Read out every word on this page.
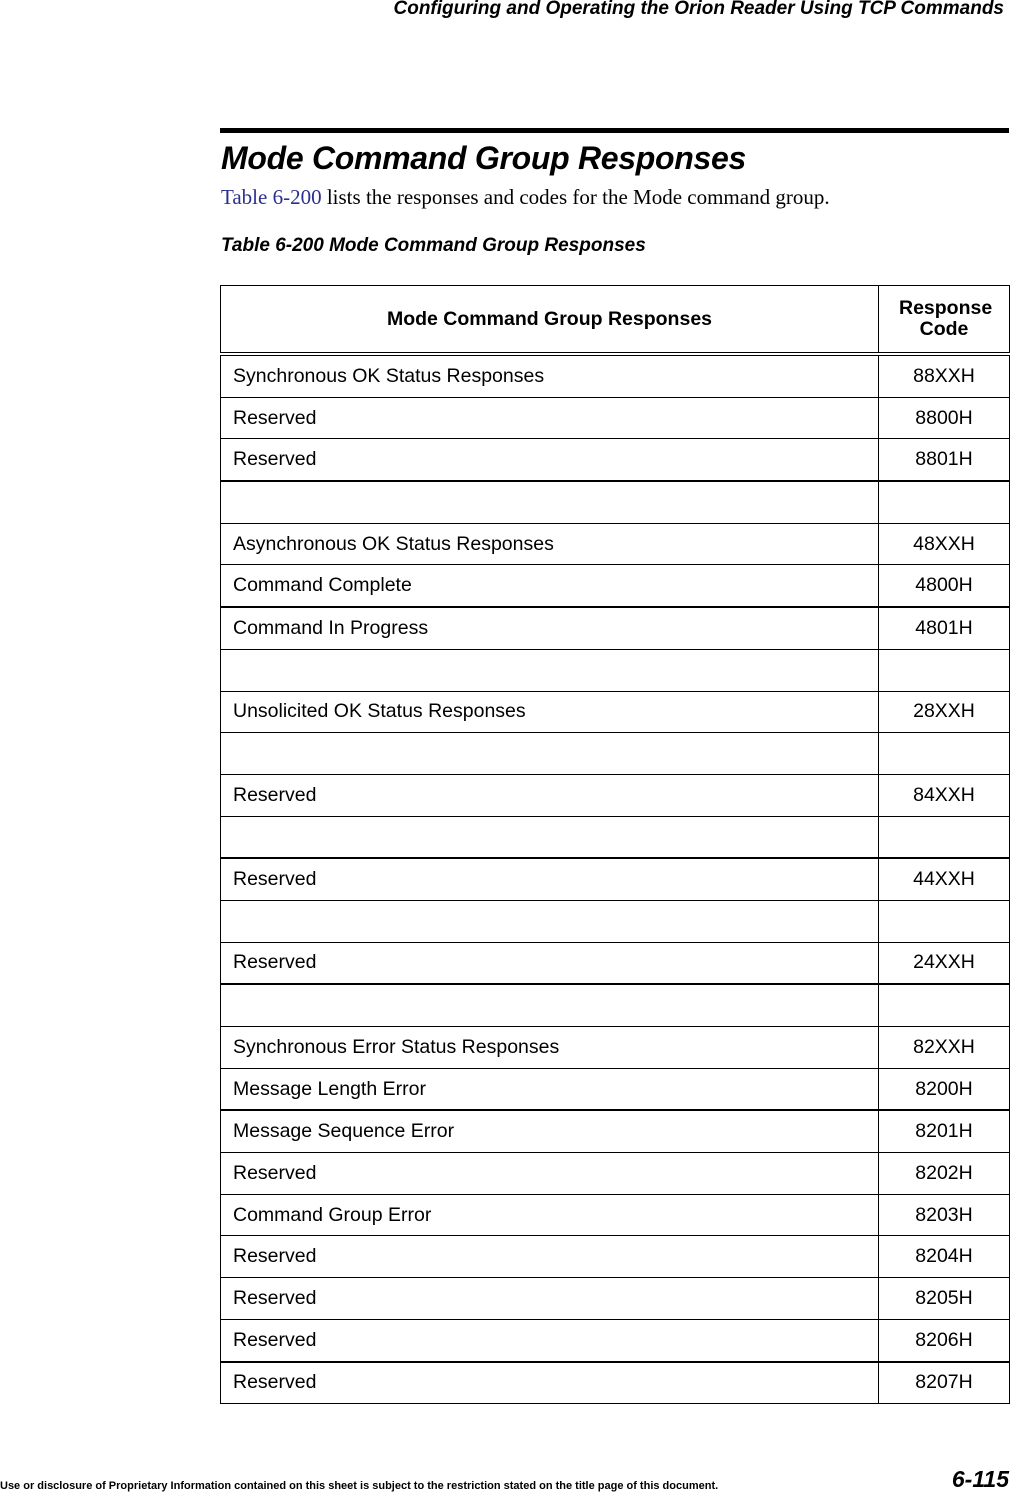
Configuring and Operating the Orion Reader Using TCP Commands
Mode Command Group Responses
Table 6-200 lists the responses and codes for the Mode command group.
Table 6-200 Mode Command Group Responses
Mode Command Group Responses	Response Code

Synchronous OK Status Responses	88XXH
Reserved	8800H
Reserved	8801H

Asynchronous OK Status Responses	48XXH
Command Complete	4800H
Command In Progress	4801H

Unsolicited OK Status Responses	28XXH

Reserved	84XXH

Reserved	44XXH

Reserved	24XXH

Synchronous Error Status Responses	82XXH
Message Length Error	8200H
Message Sequence Error	8201H
Reserved	8202H
Command Group Error	8203H
Reserved	8204H
Reserved	8205H
Reserved	8206H
Reserved	8207H
Use or disclosure of Proprietary Information contained on this sheet is subject to the restriction stated on the title page of this document.	6-115
